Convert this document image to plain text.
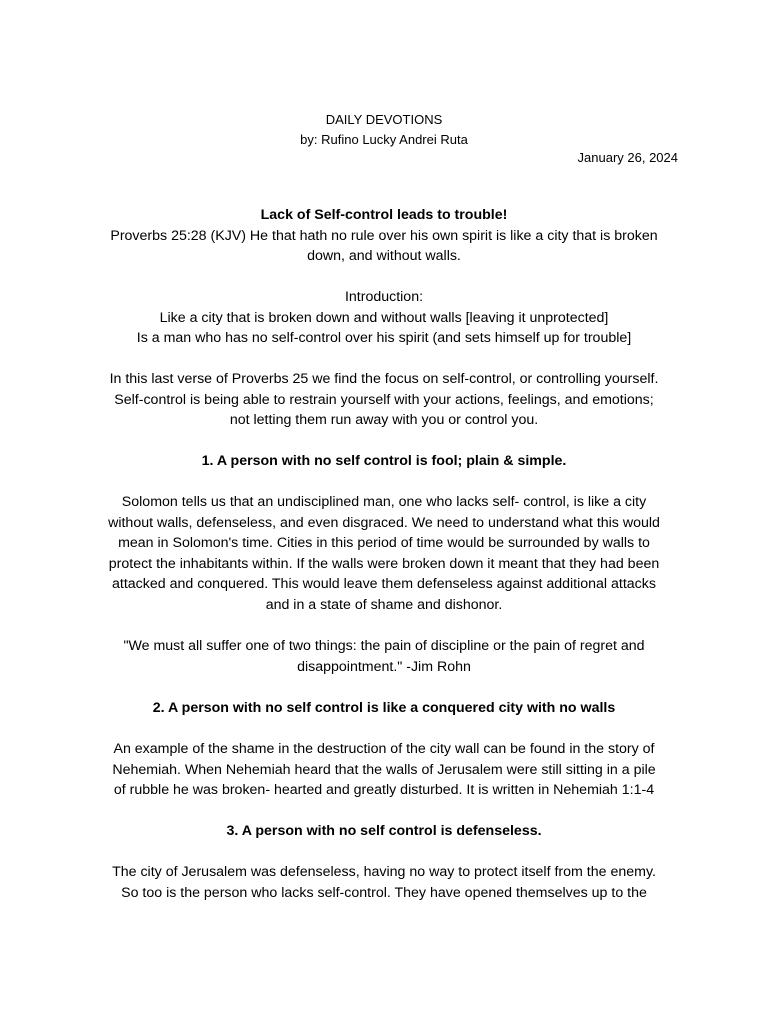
DAILY DEVOTIONS
by: Rufino Lucky Andrei Ruta
January 26, 2024
Lack of Self-control leads to trouble!
Proverbs 25:28 (KJV) He that hath no rule over his own spirit is like a city that is broken
down, and without walls.
Introduction:
Like a city that is broken down and without walls [leaving it unprotected]
Is a man who has no self-control over his spirit (and sets himself up for trouble]
In this last verse of Proverbs 25 we find the focus on self-control, or controlling yourself.
Self-control is being able to restrain yourself with your actions, feelings, and emotions;
not letting them run away with you or control you.
1. A person with no self control is fool; plain & simple.
Solomon tells us that an undisciplined man, one who lacks self- control, is like a city
without walls, defenseless, and even disgraced. We need to understand what this would
mean in Solomon's time. Cities in this period of time would be surrounded by walls to
protect the inhabitants within. If the walls were broken down it meant that they had been
attacked and conquered. This would leave them defenseless against additional attacks
and in a state of shame and dishonor.
"We must all suffer one of two things: the pain of discipline or the pain of regret and
disappointment." -Jim Rohn
2. A person with no self control is like a conquered city with no walls
An example of the shame in the destruction of the city wall can be found in the story of
Nehemiah. When Nehemiah heard that the walls of Jerusalem were still sitting in a pile
of rubble he was broken- hearted and greatly disturbed. It is written in Nehemiah 1:1-4
3. A person with no self control is defenseless.
The city of Jerusalem was defenseless, having no way to protect itself from the enemy.
So too is the person who lacks self-control. They have opened themselves up to the
